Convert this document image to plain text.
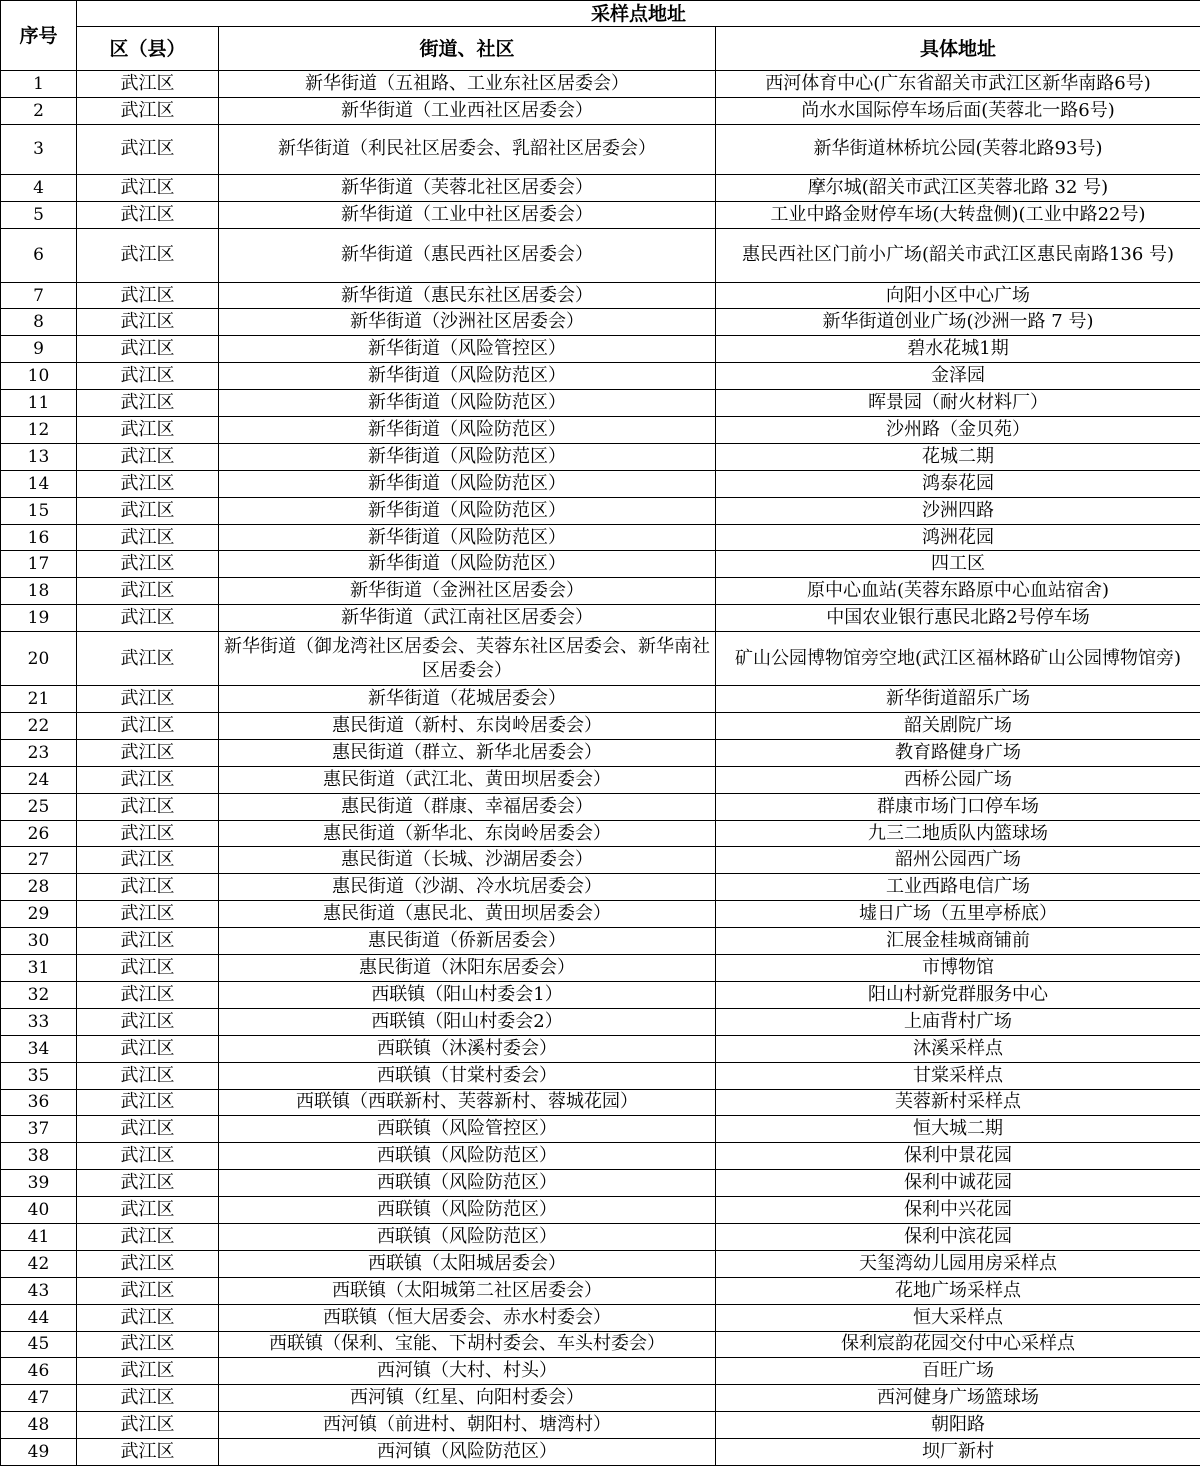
序号	采样点地址		
	区（县）	街道、社区	具体地址
1	武江区	新华街道（五祖路、工业东社区居委会）	西河体育中心(广东省韶关市武江区新华南路6号)
2	武江区	新华街道（工业西社区居委会）	尚水水国际停车场后面(芙蓉北一路6号)
3	武江区	新华街道（利民社区居委会、乳韶社区居委会）	新华街道林桥坑公园(芙蓉北路93号)
4	武江区	新华街道（芙蓉北社区居委会）	摩尔城(韶关市武江区芙蓉北路 32 号)
5	武江区	新华街道（工业中社区居委会）	工业中路金财停车场(大转盘侧)(工业中路22号)
6	武江区	新华街道（惠民西社区居委会）	惠民西社区门前小广场(韶关市武江区惠民南路136 号)
7	武江区	新华街道（惠民东社区居委会）	向阳小区中心广场
8	武江区	新华街道（沙洲社区居委会）	新华街道创业广场(沙洲一路 7 号)
9	武江区	新华街道（风险管控区）	碧水花城1期
10	武江区	新华街道（风险防范区）	金泽园
11	武江区	新华街道（风险防范区）	晖景园（耐火材料厂）
12	武江区	新华街道（风险防范区）	沙州路（金贝苑）
13	武江区	新华街道（风险防范区）	花城二期
14	武江区	新华街道（风险防范区）	鸿泰花园
15	武江区	新华街道（风险防范区）	沙洲四路
16	武江区	新华街道（风险防范区）	鸿洲花园
17	武江区	新华街道（风险防范区）	四工区
18	武江区	新华街道（金洲社区居委会）	原中心血站(芙蓉东路原中心血站宿舍)
19	武江区	新华街道（武江南社区居委会）	中国农业银行惠民北路2号停车场
20	武江区	新华街道（御龙湾社区居委会、芙蓉东社区居委会、新华南社区居委会）	矿山公园博物馆旁空地(武江区福林路矿山公园博物馆旁)
21	武江区	新华街道（花城居委会）	新华街道韶乐广场
22	武江区	惠民街道（新村、东岗岭居委会）	韶关剧院广场
23	武江区	惠民街道（群立、新华北居委会）	教育路健身广场
24	武江区	惠民街道（武江北、黄田坝居委会）	西桥公园广场
25	武江区	惠民街道（群康、幸福居委会）	群康市场门口停车场
26	武江区	惠民街道（新华北、东岗岭居委会）	九三二地质队内篮球场
27	武江区	惠民街道（长城、沙湖居委会）	韶州公园西广场
28	武江区	惠民街道（沙湖、冷水坑居委会）	工业西路电信广场
29	武江区	惠民街道（惠民北、黄田坝居委会）	墟日广场（五里亭桥底）
30	武江区	惠民街道（侨新居委会）	汇展金桂城商铺前
31	武江区	惠民街道（沐阳东居委会）	市博物馆
32	武江区	西联镇（阳山村委会1）	阳山村新党群服务中心
33	武江区	西联镇（阳山村委会2）	上庙背村广场
34	武江区	西联镇（沐溪村委会）	沐溪采样点
35	武江区	西联镇（甘棠村委会）	甘棠采样点
36	武江区	西联镇（西联新村、芙蓉新村、蓉城花园）	芙蓉新村采样点
37	武江区	西联镇（风险管控区）	恒大城二期
38	武江区	西联镇（风险防范区）	保利中景花园
39	武江区	西联镇（风险防范区）	保利中诚花园
40	武江区	西联镇（风险防范区）	保利中兴花园
41	武江区	西联镇（风险防范区）	保利中滨花园
42	武江区	西联镇（太阳城居委会）	天玺湾幼儿园用房采样点
43	武江区	西联镇（太阳城第二社区居委会）	花地广场采样点
44	武江区	西联镇（恒大居委会、赤水村委会）	恒大采样点
45	武江区	西联镇（保利、宝能、下胡村委会、车头村委会）	保利宸韵花园交付中心采样点
46	武江区	西河镇（大村、村头）	百旺广场
47	武江区	西河镇（红星、向阳村委会）	西河健身广场篮球场
48	武江区	西河镇（前进村、朝阳村、塘湾村）	朝阳路
49	武江区	西河镇（风险防范区）	坝厂新村
